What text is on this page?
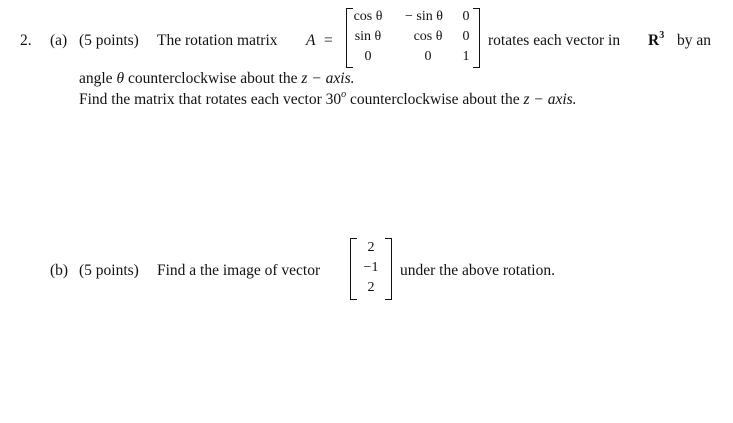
2. (a) (5 points) The rotation matrix A =
cos θ	− sin θ	0
sin θ	cos θ	0
0	0	1
rotates each vector in $R^3$ by an
angle θ counterclockwise about the z − axis.
Find the matrix that rotates each vector 30$^o$ counterclockwise about the z − axis.
(b) (5 points) Find a the image of vector
2
−1
2
under the above rotation.
